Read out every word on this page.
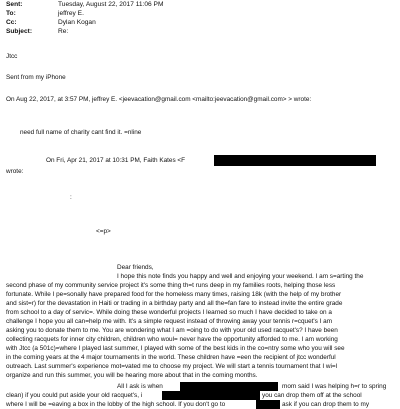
Sent:	Tuesday, August 22, 2017 11:06 PM
To:	jeffrey E.
Cc:	Dylan Kogan
Subject:	Re:
Jtcc
Sent from my iPhone
On Aug 22, 2017, at 3:57 PM, jeffrey E. <jeevacation@gmail.com <mailto:jeevacation@gmail.com> > wrote:
need full name of charity cant find it. =nline
On Fri, Apr 21, 2017 at 10:31 PM, Faith Kates <F
wrote:
:
<=p>
Dear friends,
I hope this note finds you happy and well and enjoying your weekend. I am s=arting the
second phase of my community service project it's some thing th=t runs deep in my families roots, helping those less
fortunate. While I pe=sonally have prepared food for the homeless many times, raising 18k (with the help of my brother
and sist=r) for the devastation in Haiti or trading in a birthday party and all the=fan fare to instead invite the entire grade
from school to a day of servic=. While doing these wonderful projects I learned so much I have decided to take on a
challenge I hope you all can=help me with. It's a simple request instead of throwing away your tennis r=cquet's I am
asking you to donate them to me. You are wondering what I am =oing to do with your old used racquet's? I have been
collecting racquets for inner city children, children who woul= never have the opportunity afforded to me. I am working
with Jtcc (a 501c)=where I played last summer, I played with some of the best kids in the co=ntry some who you will see
in the coming years at the 4 major tournaments in the world. These children have =een the recipient of jtcc wonderful
outreach. Last summer's experience mot=vated me to choose my project. We will start a tennis tournament that I wi=l
organize and run this summer, you will be hearing more about that in the coming months.
All I ask is when	mom said I was helping h=r to spring
clean) if you could put aside your old racquet's, i	you can drop them off at the school
where I will be =eaving a box in the lobby of the high school. If you don't go to	ask if you can drop them to my
